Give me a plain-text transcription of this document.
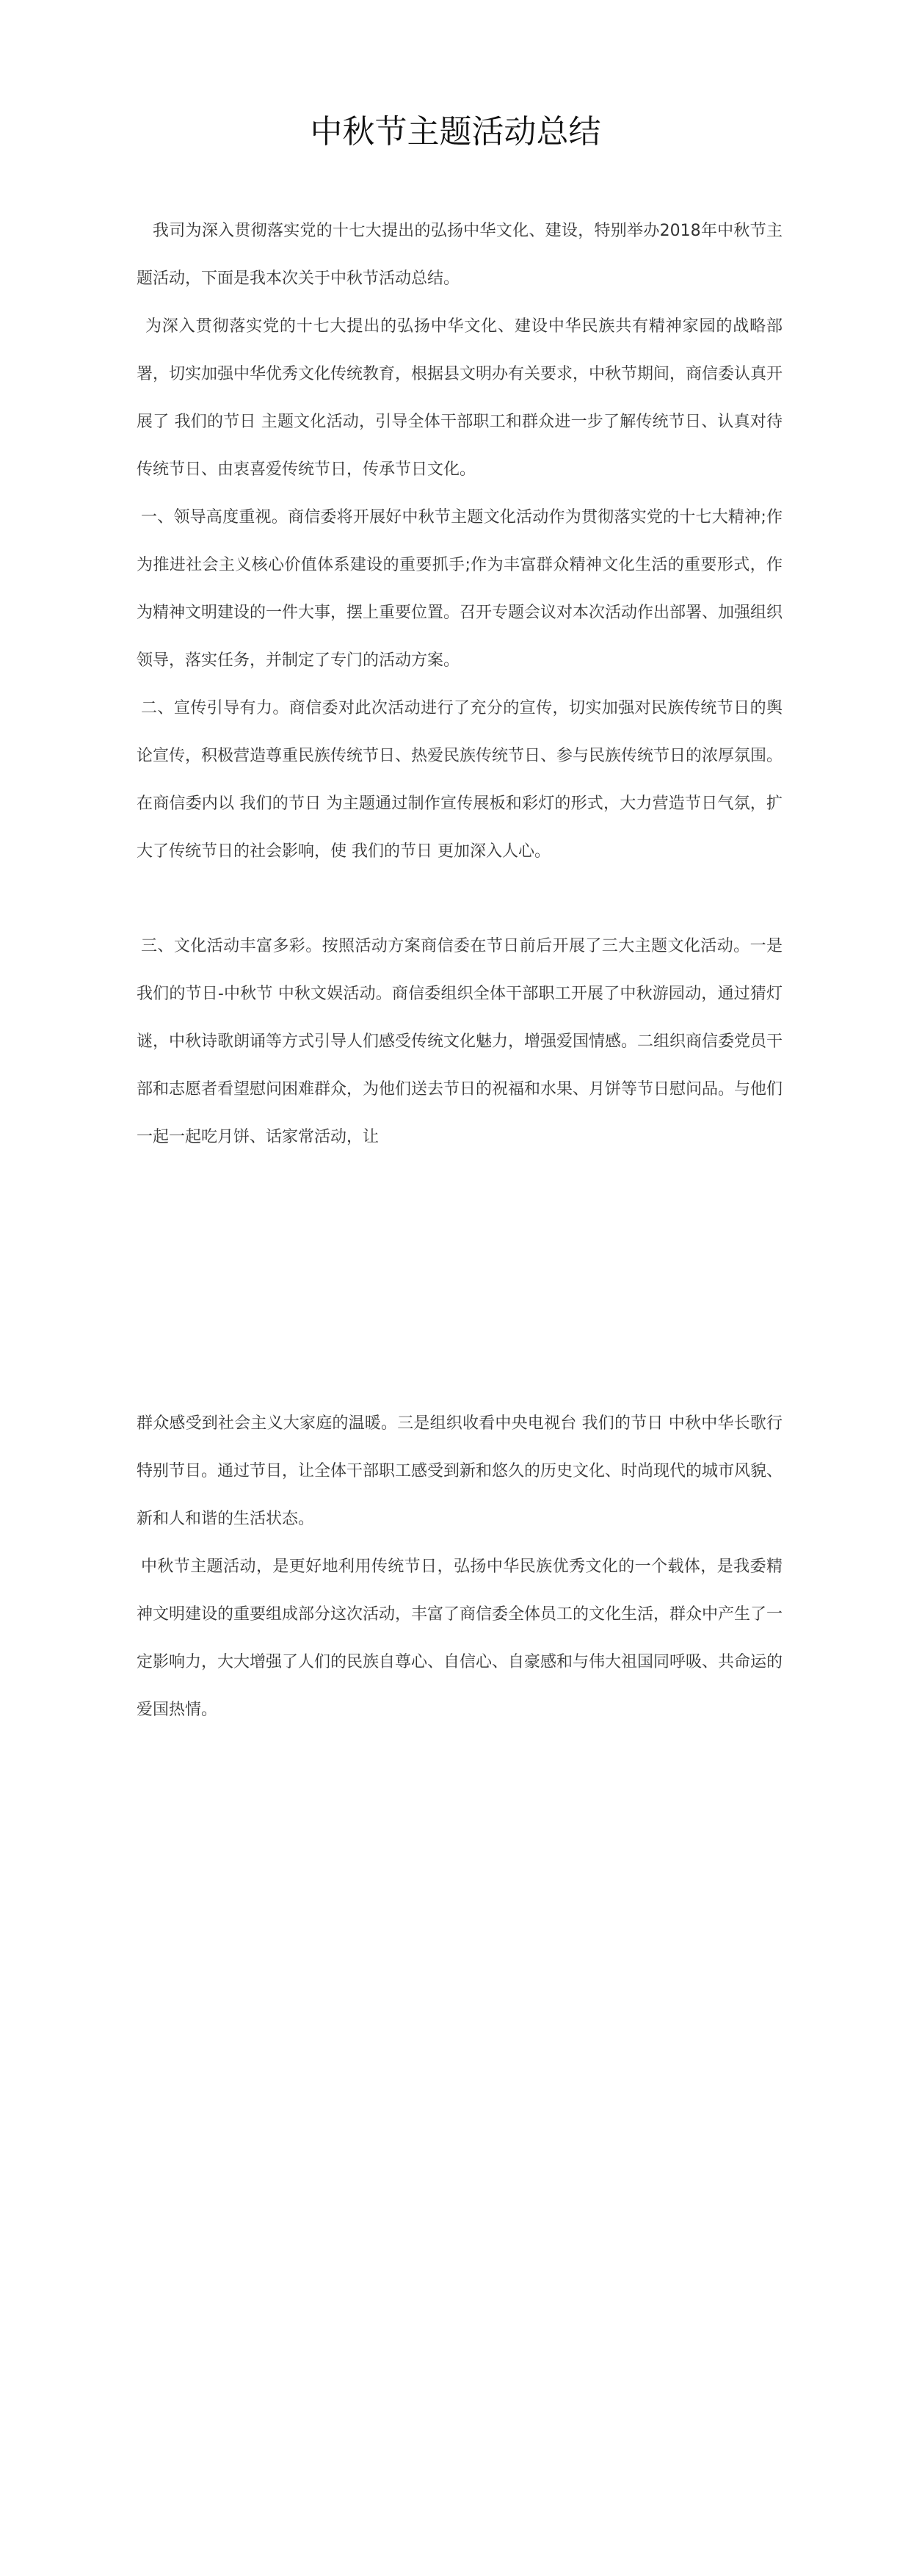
中秋节主题活动总结

我司为深入贯彻落实党的十七大提出的弘扬中华文化、建设，特别举办2018年中秋节主题活动，下面是我本次关于中秋节活动总结。

为深入贯彻落实党的十七大提出的弘扬中华文化、建设中华民族共有精神家园的战略部署，切实加强中华优秀文化传统教育，根据县文明办有关要求，中秋节期间，商信委认真开展了 我们的节日 主题文化活动，引导全体干部职工和群众进一步了解传统节日、认真对待传统节日、由衷喜爱传统节日，传承节日文化。

一、领导高度重视。商信委将开展好中秋节主题文化活动作为贯彻落实党的十七大精神;作为推进社会主义核心价值体系建设的重要抓手;作为丰富群众精神文化生活的重要形式，作为精神文明建设的一件大事，摆上重要位置。召开专题会议对本次活动作出部署、加强组织领导，落实任务，并制定了专门的活动方案。

二、宣传引导有力。商信委对此次活动进行了充分的宣传，切实加强对民族传统节日的舆论宣传，积极营造尊重民族传统节日、热爱民族传统节日、参与民族传统节日的浓厚氛围。在商信委内以 我们的节日 为主题通过制作宣传展板和彩灯的形式，大力营造节日气氛，扩大了传统节日的社会影响，使 我们的节日 更加深入人心。

三、文化活动丰富多彩。按照活动方案商信委在节日前后开展了三大主题文化活动。一是 我们的节日-中秋节 中秋文娱活动。商信委组织全体干部职工开展了中秋游园动，通过猜灯谜，中秋诗歌朗诵等方式引导人们感受传统文化魅力，增强爱国情感。二组织商信委党员干部和志愿者看望慰问困难群众，为他们送去节日的祝福和水果、月饼等节日慰问品。与他们一起一起吃月饼、话家常活动，让

群众感受到社会主义大家庭的温暖。三是组织收看中央电视台 我们的节日 中秋中华长歌行 特别节目。通过节目，让全体干部职工感受到新和悠久的历史文化、时尚现代的城市风貌、新和人和谐的生活状态。

中秋节主题活动，是更好地利用传统节日，弘扬中华民族优秀文化的一个载体，是我委精神文明建设的重要组成部分这次活动，丰富了商信委全体员工的文化生活，群众中产生了一定影响力，大大增强了人们的民族自尊心、自信心、自豪感和与伟大祖国同呼吸、共命运的爱国热情。
